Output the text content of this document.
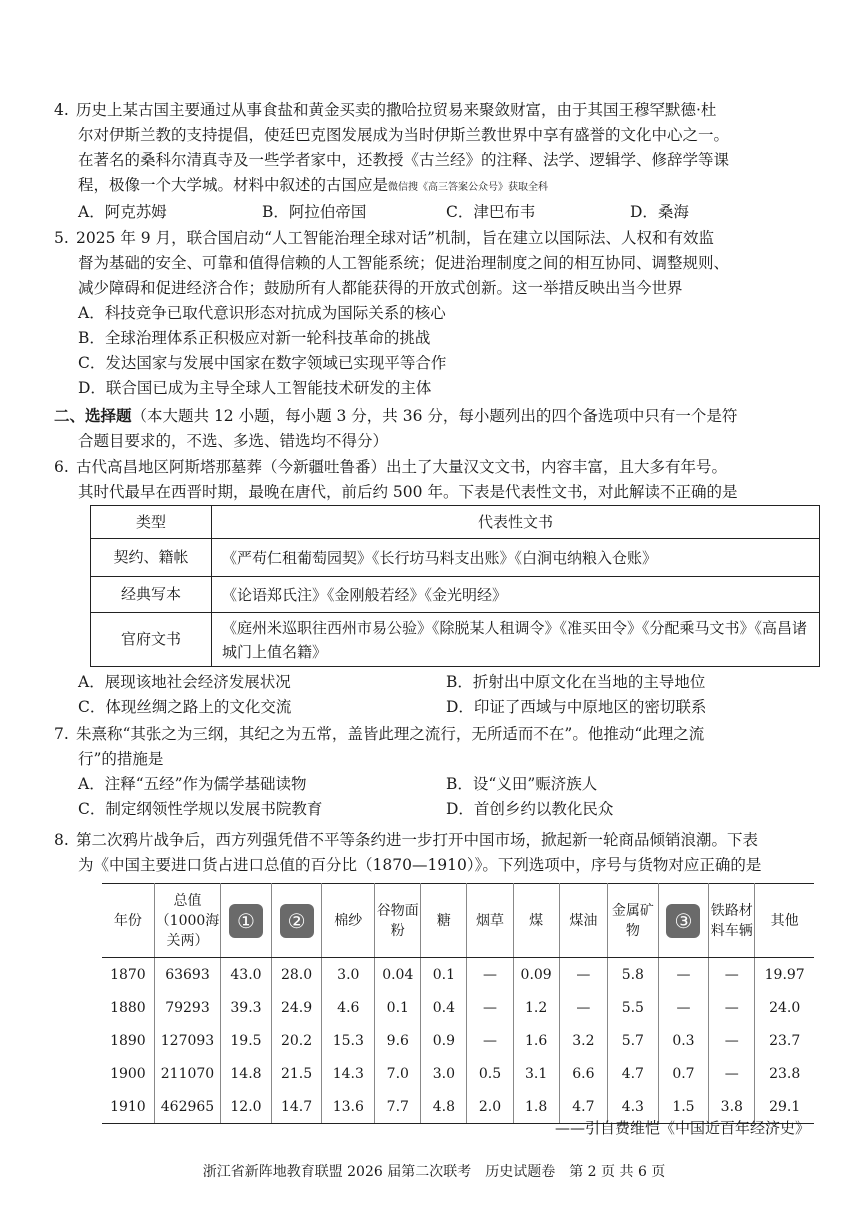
4. 历史上某古国主要通过从事食盐和黄金买卖的撒哈拉贸易来聚敛财富，由于其国王穆罕默德·杜

尔对伊斯兰教的支持提倡，使廷巴克图发展成为当时伊斯兰教世界中享有盛誉的文化中心之一。

在著名的桑科尔清真寺及一些学者家中，还教授《古兰经》的注释、法学、逻辑学、修辞学等课

程，极像一个大学城。材料中叙述的古国应是微信搜《高三答案公众号》获取全科

A．阿克苏姆	B．阿拉伯帝国	C．津巴布韦	D．桑海

5. 2025 年 9 月，联合国启动“人工智能治理全球对话”机制，旨在建立以国际法、人权和有效监

督为基础的安全、可靠和值得信赖的人工智能系统；促进治理制度之间的相互协同、调整规则、

减少障碍和促进经济合作；鼓励所有人都能获得的开放式创新。这一举措反映出当今世界

A．科技竞争已取代意识形态对抗成为国际关系的核心

B．全球治理体系正积极应对新一轮科技革命的挑战

C．发达国家与发展中国家在数字领域已实现平等合作

D．联合国已成为主导全球人工智能技术研发的主体

二、选择题（本大题共 12 小题，每小题 3 分，共 36 分，每小题列出的四个备选项中只有一个是符

合题目要求的，不选、多选、错选均不得分）

6. 古代高昌地区阿斯塔那墓葬（今新疆吐鲁番）出土了大量汉文文书，内容丰富，且大多有年号。

其时代最早在西晋时期，最晚在唐代，前后约 500 年。下表是代表性文书，对此解读不正确的是

类型	代表性文书
契约、籍帐	《严苟仁租葡萄园契》《长行坊马料支出账》《白涧屯纳粮入仓账》
经典写本	《论语郑氏注》《金刚般若经》《金光明经》
官府文书	《庭州米巡职往西州市易公验》《除脱某人租调令》《准买田令》《分配乘马文书》《高昌诸城门上值名籍》
A．展现该地社会经济发展状况	B．折射出中原文化在当地的主导地位
C．体现丝绸之路上的文化交流	D．印证了西域与中原地区的密切联系

7. 朱熹称“其张之为三纲，其纪之为五常，盖皆此理之流行，无所适而不在”。他推动“此理之流

行”的措施是

A．注释“五经”作为儒学基础读物	B．设“义田”赈济族人
C．制定纲领性学规以发展书院教育	D．首创乡约以教化民众

8. 第二次鸦片战争后，西方列强凭借不平等条约进一步打开中国市场，掀起新一轮商品倾销浪潮。下表

为《中国主要进口货占进口总值的百分比（1870—1910）》。下列选项中，序号与货物对应正确的是

年份	总值（1000海关两）	①	②	棉纱	谷物面粉	糖	烟草	煤	煤油	金属矿物	③	铁路材料车辆	其他
1870	63693	43.0	28.0	3.0	0.04	0.1	—	0.09	—	5.8	—	—	19.97
1880	79293	39.3	24.9	4.6	0.1	0.4	—	1.2	—	5.5	—	—	24.0
1890	127093	19.5	20.2	15.3	9.6	0.9	—	1.6	3.2	5.7	0.3	—	23.7
1900	211070	14.8	21.5	14.3	7.0	3.0	0.5	3.1	6.6	4.7	0.7	—	23.8
1910	462965	12.0	14.7	13.6	7.7	4.8	2.0	1.8	4.7	4.3	1.5	3.8	29.1
——引自费维恺《中国近百年经济史》
浙江省新阵地教育联盟 2026 届第二次联考　历史试题卷　第 2 页 共 6 页
